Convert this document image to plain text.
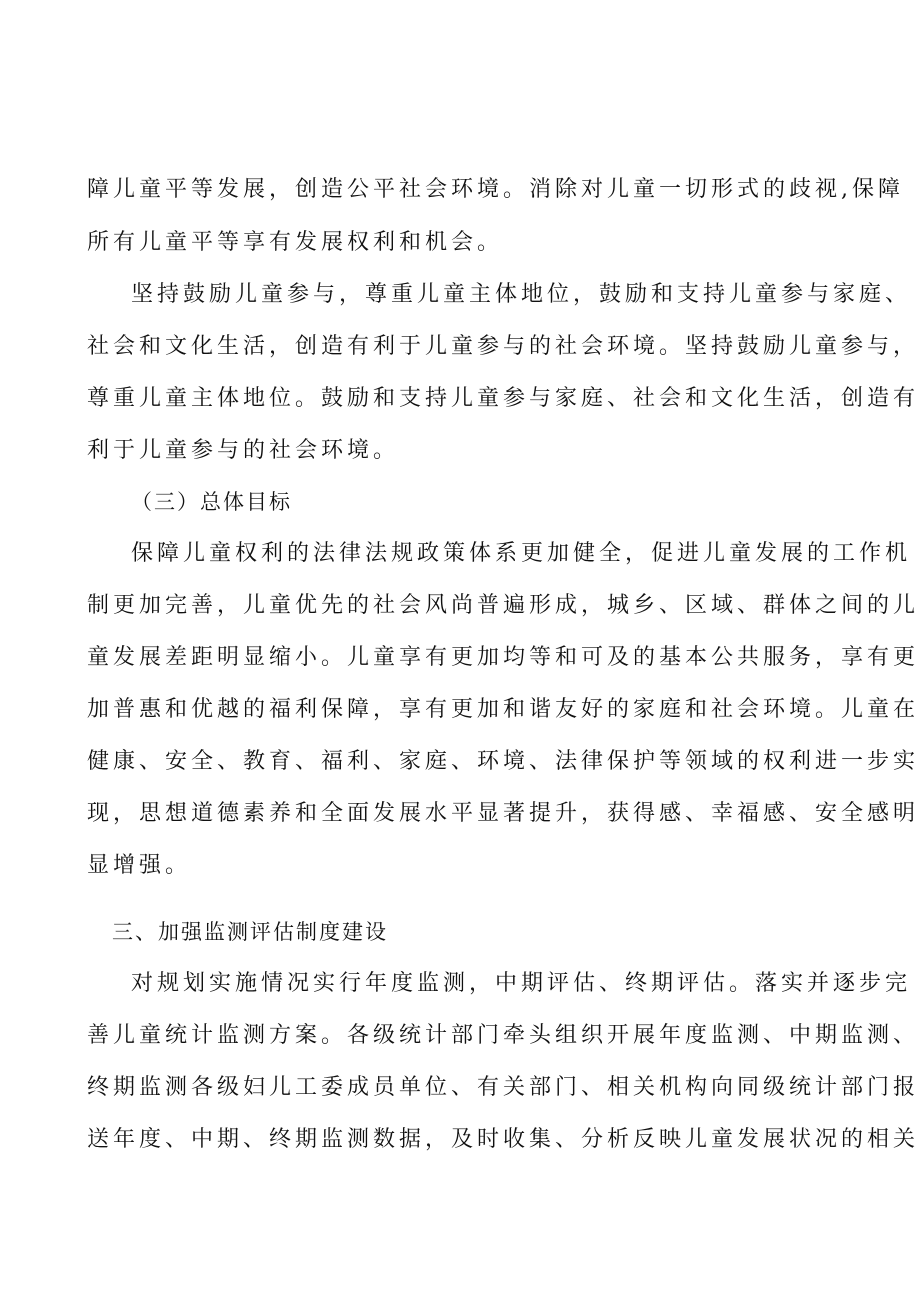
障儿童平等发展，创造公平社会环境。消除对儿童一切形式的歧视,保障
所有儿童平等享有发展权利和机会。
坚持鼓励儿童参与，尊重儿童主体地位，鼓励和支持儿童参与家庭、
社会和文化生活，创造有利于儿童参与的社会环境。坚持鼓励儿童参与，
尊重儿童主体地位。鼓励和支持儿童参与家庭、社会和文化生活，创造有
利于儿童参与的社会环境。
（三）总体目标
保障儿童权利的法律法规政策体系更加健全，促进儿童发展的工作机
制更加完善，儿童优先的社会风尚普遍形成，城乡、区域、群体之间的儿
童发展差距明显缩小。儿童享有更加均等和可及的基本公共服务，享有更
加普惠和优越的福利保障，享有更加和谐友好的家庭和社会环境。儿童在
健康、安全、教育、福利、家庭、环境、法律保护等领域的权利进一步实
现，思想道德素养和全面发展水平显著提升，获得感、幸福感、安全感明
显增强。
三、加强监测评估制度建设
对规划实施情况实行年度监测，中期评估、终期评估。落实并逐步完
善儿童统计监测方案。各级统计部门牵头组织开展年度监测、中期监测、
终期监测各级妇儿工委成员单位、有关部门、相关机构向同级统计部门报
送年度、中期、终期监测数据，及时收集、分析反映儿童发展状况的相关
